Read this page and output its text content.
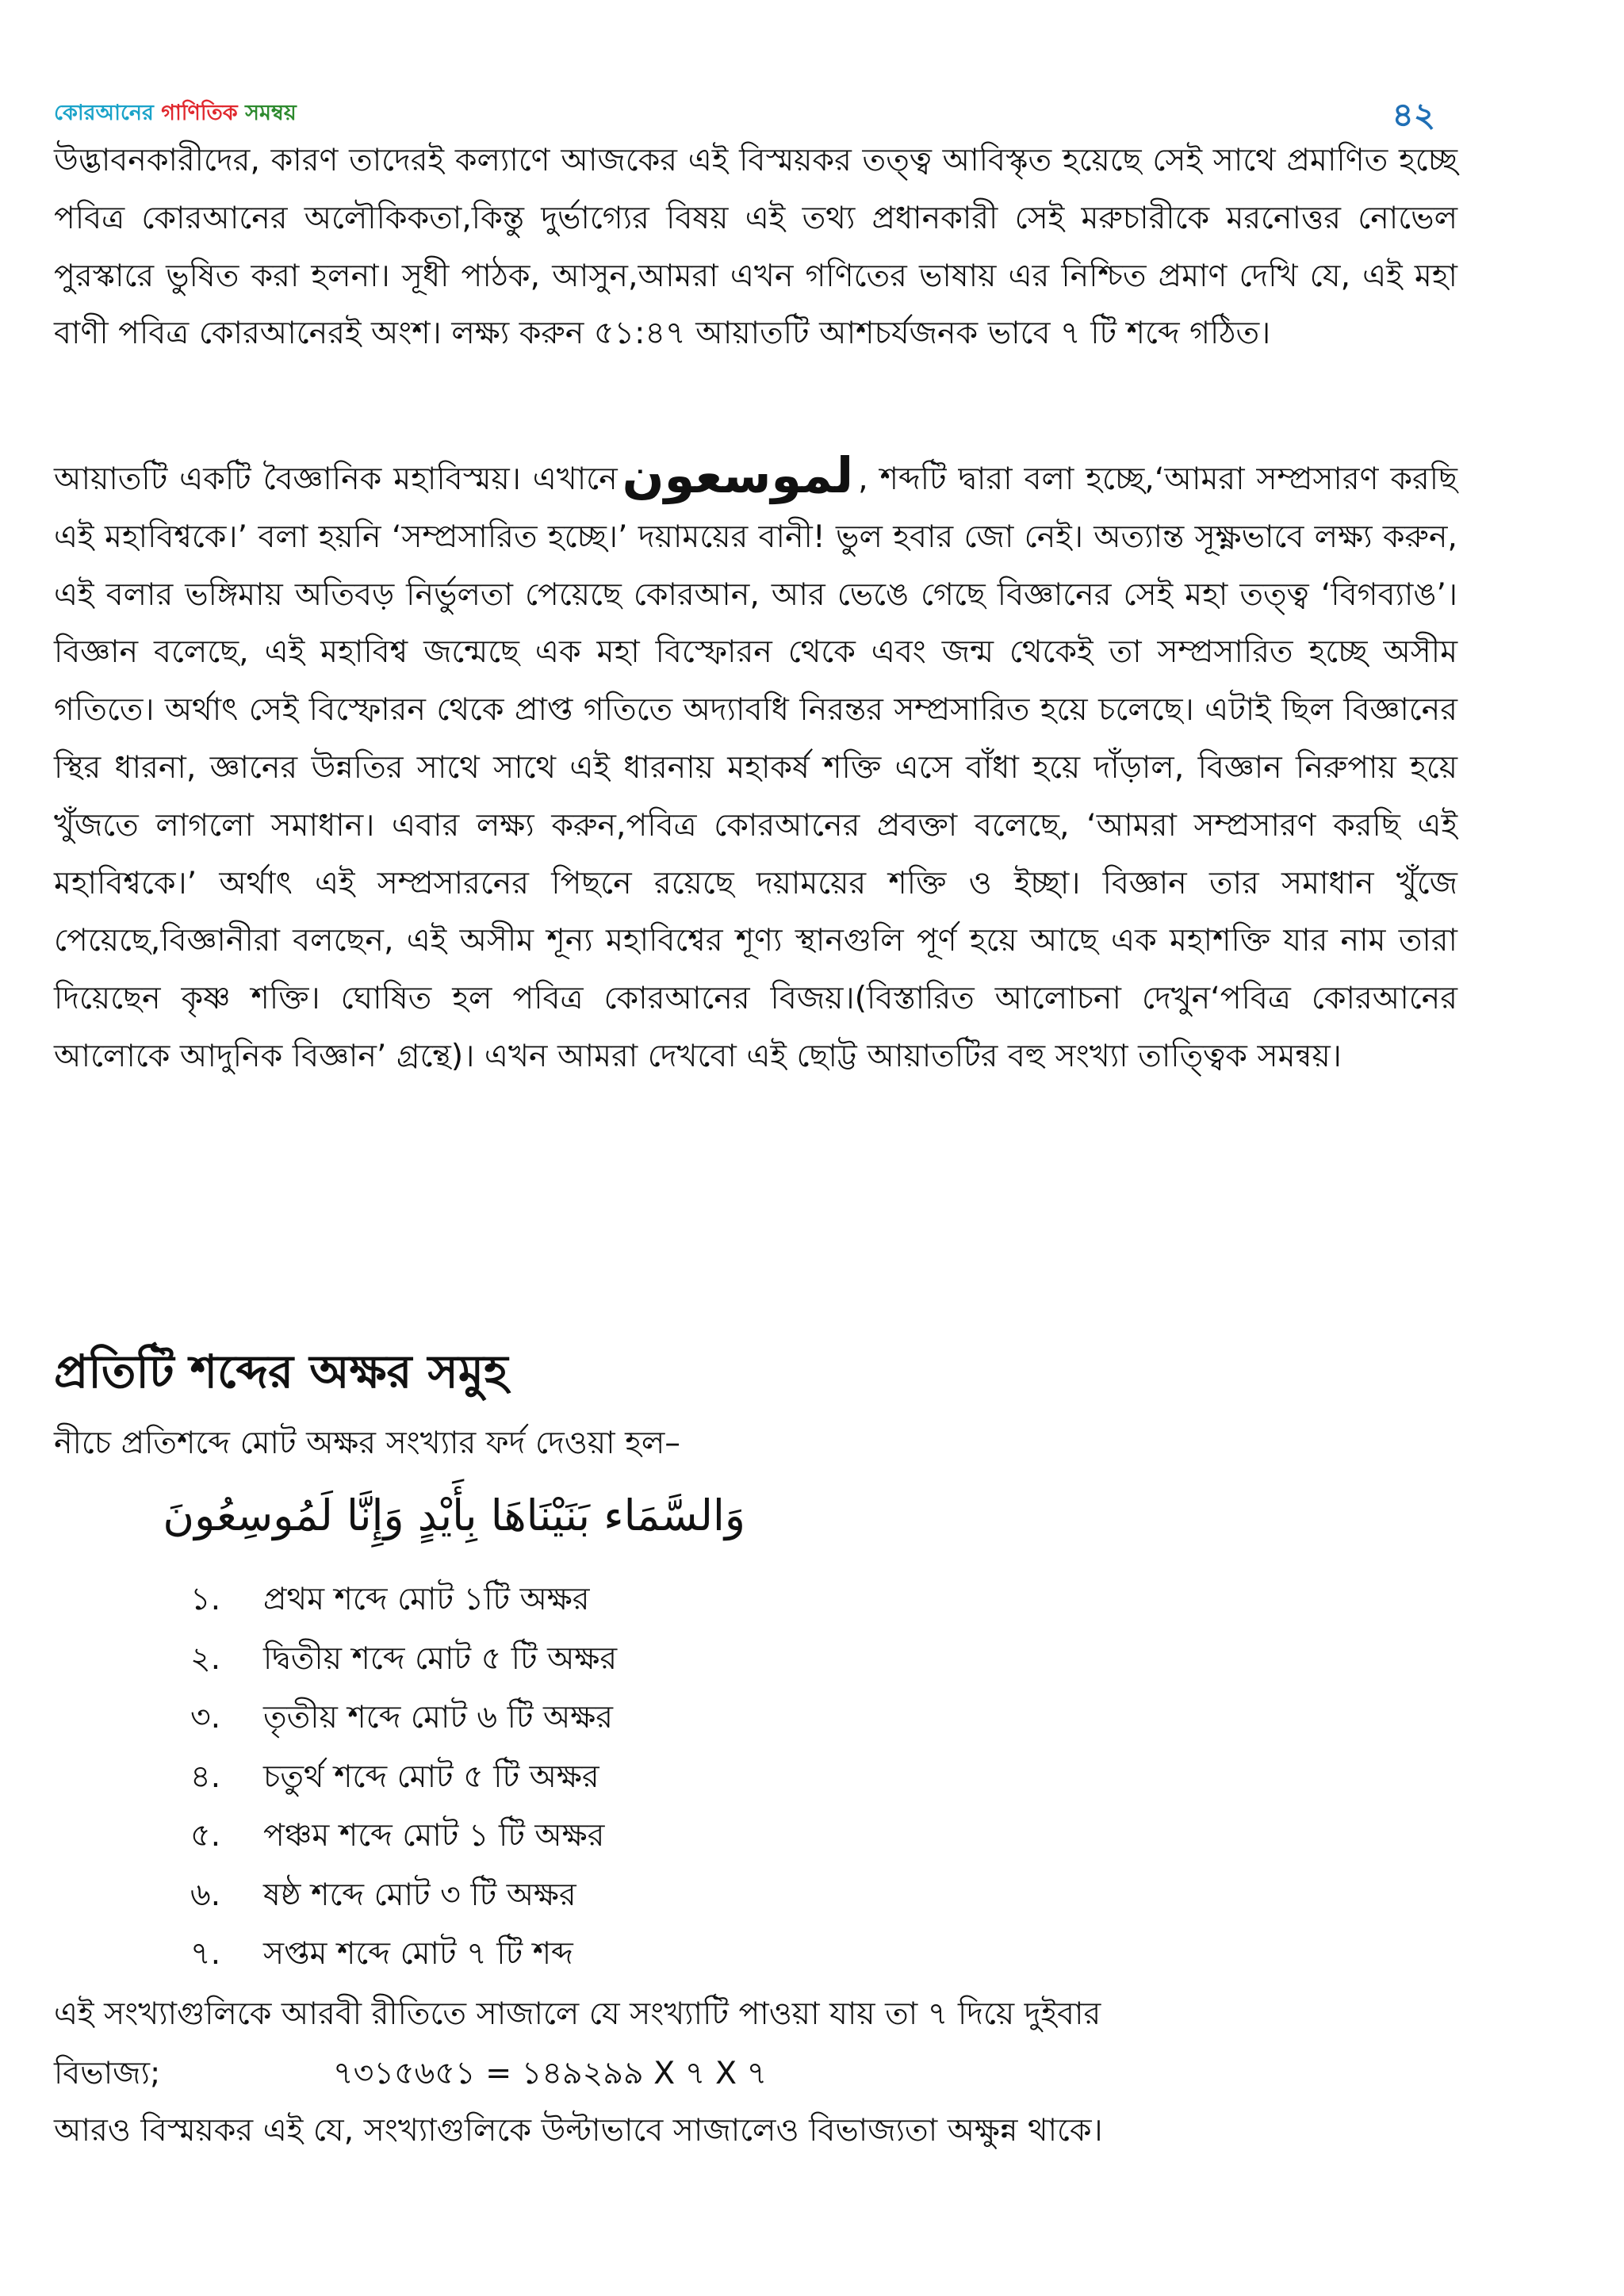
কোরআনের গাণিতিক সমম্বয়	৪২

উদ্ভাবনকারীদের, কারণ তাদেরই কল্যাণে আজকের এই বিস্ময়কর তত্ত্ব আবিস্কৃত হয়েছে সেই সাথে প্রমাণিত হচ্ছে পবিত্র কোরআনের অলৌকিকতা,কিন্তু দুর্ভাগ্যের বিষয় এই তথ্য প্রধানকারী সেই মরুচারীকে মরনোত্তর নোভেল পুরস্কারে ভুষিত করা হলনা। সূধী পাঠক, আসুন,আমরা এখন গণিতের ভাষায় এর নিশ্চিত প্রমাণ দেখি যে, এই মহা বাণী পবিত্র কোরআনেরই অংশ। লক্ষ্য করুন ৫১:৪৭ আয়াতটি আশচর্যজনক ভাবে ৭ টি শব্দে গঠিত।

আয়াতটি একটি বৈজ্ঞানিক মহাবিস্ময়। এখানেلموسعون , শব্দটি দ্বারা বলা হচ্ছে,‘আমরা সম্প্রসারণ করছি এই মহাবিশ্বকে।’ বলা হয়নি ‘সম্প্রসারিত হচ্ছে।’ দয়াময়ের বানী! ভুল হবার জো নেই। অত্যান্ত সূক্ষ্ণভাবে লক্ষ্য করুন, এই বলার ভঙ্গিমায় অতিবড় নির্ভুলতা পেয়েছে কোরআন, আর ভেঙে গেছে বিজ্ঞানের সেই মহা তত্ত্ব ‘বিগব্যাঙ’। বিজ্ঞান বলেছে, এই মহাবিশ্ব জন্মেছে এক মহা বিস্ফোরন থেকে এবং জন্ম থেকেই তা সম্প্রসারিত হচ্ছে অসীম গতিতে। অর্থাৎ সেই বিস্ফোরন থেকে প্রাপ্ত গতিতে অদ্যাবধি নিরন্তর সম্প্রসারিত হয়ে চলেছে। এটাই ছিল বিজ্ঞানের স্থির ধারনা, জ্ঞানের উন্নতির সাথে সাথে এই ধারনায় মহাকর্ষ শক্তি এসে বাঁধা হয়ে দাঁড়াল, বিজ্ঞান নিরুপায় হয়ে খুঁজতে লাগলো সমাধান। এবার লক্ষ্য করুন,পবিত্র কোরআনের প্রবক্তা বলেছে, ‘আমরা সম্প্রসারণ করছি এই মহাবিশ্বকে।’ অর্থাৎ এই সম্প্রসারনের পিছনে রয়েছে দয়াময়ের শক্তি ও ইচ্ছা। বিজ্ঞান তার সমাধান খুঁজে পেয়েছে,বিজ্ঞানীরা বলছেন, এই অসীম শূন্য মহাবিশ্বের শূণ্য স্থানগুলি পূর্ণ হয়ে আছে এক মহাশক্তি যার নাম তারা দিয়েছেন কৃষ্ণ শক্তি। ঘোষিত হল পবিত্র কোরআনের বিজয়।(বিস্তারিত আলোচনা দেখুন‘পবিত্র কোরআনের আলোকে আদুনিক বিজ্ঞান’ গ্রন্থে)। এখন আমরা দেখবো এই ছোট্ট আয়াতটির বহু সংখ্যা তাত্ত্বিক সমন্বয়।

প্রতিটি শব্দের অক্ষর সমুহ

নীচে প্রতিশব্দে মোট অক্ষর সংখ্যার ফর্দ দেওয়া হল–

وَالسَّمَاء بَنَيْنَاهَا بِأَيْدٍ وَإِنَّا لَمُوسِعُونَ
১. প্রথম শব্দে মোট ১টি অক্ষর
২. দ্বিতীয় শব্দে মোট ৫ টি অক্ষর
৩. তৃতীয় শব্দে মোট ৬ টি অক্ষর
৪. চতুর্থ শব্দে মোট ৫ টি অক্ষর
৫. পঞ্চম শব্দে মোট ১ টি অক্ষর
৬. ষষ্ঠ শব্দে মোট ৩ টি অক্ষর
৭. সপ্তম শব্দে মোট ৭ টি শব্দ

এই সংখ্যাগুলিকে আরবী রীতিতে সাজালে যে সংখ্যাটি পাওয়া যায় তা ৭ দিয়ে দুইবার

বিভাজ্য;	৭৩১৫৬৫১ = ১৪৯২৯৯ X ৭ X ৭

আরও বিস্ময়কর এই যে, সংখ্যাগুলিকে উল্টাভাবে সাজালেও বিভাজ্যতা অক্ষুন্ন থাকে।
